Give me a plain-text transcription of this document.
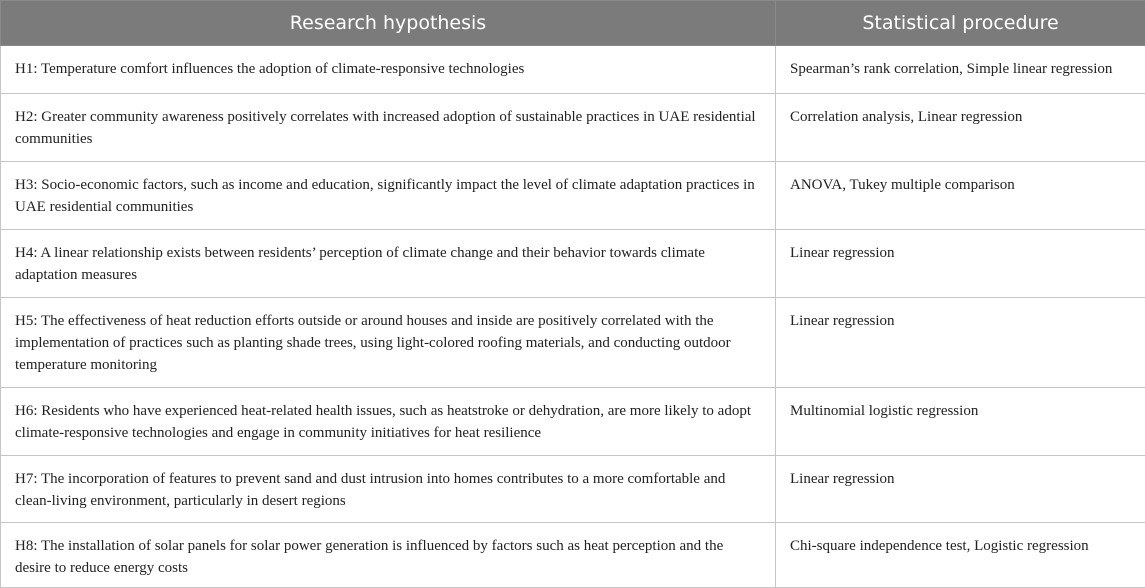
Research hypothesis	Statistical procedure
H1: Temperature comfort influences the adoption of climate-responsive technologies	Spearman’s rank correlation, Simple linear regression
H2: Greater community awareness positively correlates with increased adoption of sustainable practices in UAE residential communities	Correlation analysis, Linear regression
H3: Socio-economic factors, such as income and education, significantly impact the level of climate adaptation practices in UAE residential communities	ANOVA, Tukey multiple comparison
H4: A linear relationship exists between residents’ perception of climate change and their behavior towards climate adaptation measures	Linear regression
H5: The effectiveness of heat reduction efforts outside or around houses and inside are positively correlated with the implementation of practices such as planting shade trees, using light-colored roofing materials, and conducting outdoor temperature monitoring	Linear regression
H6: Residents who have experienced heat-related health issues, such as heatstroke or dehydration, are more likely to adopt climate-responsive technologies and engage in community initiatives for heat resilience	Multinomial logistic regression
H7: The incorporation of features to prevent sand and dust intrusion into homes contributes to a more comfortable and clean-living environment, particularly in desert regions	Linear regression
H8: The installation of solar panels for solar power generation is influenced by factors such as heat perception and the desire to reduce energy costs	Chi-square independence test, Logistic regression
